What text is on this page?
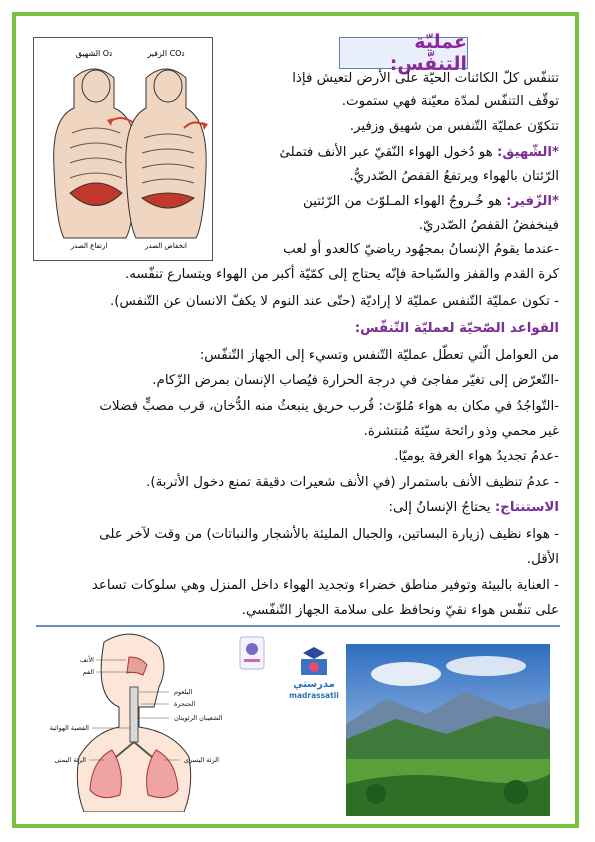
الشهيق O₂	الزفير CO₂
ارتفاع الصدر	انخفاض الصدر
عمليّة التنفّس:
تتنفّس كلّ الكائنات الحيّة على الأرض لتعيش فإذا
توقّف التنفّس لمدّة معيّنة فهي ستموت.
تتكوّن عمليّة التّنفس من شهيق وزفير.
*الشّهيق: هو دُخول الهواء النّقيّ عبر الأنف فتملئ
الرّئتان بالهواء ويرتفعُ القفصُ الصّدريُّ.
*الزّفير: هو خُـروجُ الهواء المـلوّث من الرّئتين
فينخفضُ القفصُ الصّدريّ.
-عندما يقومُ الإنسانُ بمجهُود رياضيّ كالعدو أو لعب
كرة القدم والقفز والسّباحة فإنّه يحتاج إلى كمّيّة أكبر من الهواء ويتسارع تنفّسه.
- تكون عمليّة التّنفس عمليّة لا إراديّة (حتّى عند النوم لا يكفّ الانسان عن التّنفس).
القواعد الصّحيّة لعمليّة التّنفّس:
من العوامل الّتي تعطّل عمليّة التّنفس وتسيء إلى الجهاز التّنفّس:
-التّعرّض إلى تغيّر مفاجئ في درجة الحرارة فيُصاب الإنسان بمرض الزّكام.
-التّواجُدُ في مكان به هواء مُلوّث: قُرب حريق ينبعثُ منه الدُّخان، قرب مصبٍّ فضلات
غير محمي وذو رائحة سيّئة مُنتشرة.
-عدمُ تجديدُ هواء الغرفة يوميّا.
- عدمُ تنظيف الأنف باستمرار (في الأنف شعيرات دقيقة تمنع دخول الأتربة).
الاستنتاج: يحتاجُ الإنسانُ إلى:
- هواء نظيف (زيارة البساتين، والجبال المليئة بالأشجار والنباتات) من وقت لآخر على
الأقل.
- العناية بالبيئة وتوفير مناطق خضراء وتجديد الهواء داخل المنزل وهي سلوكات تساعد
على تنفّس هواء نقيّ ونحافظ على سلامة الجهاز التّنفّسي.
الأنف
الفم
البلعوم
الحنجرة
القصبة الهوائية
الشعيبان الرئويتان
الرئة اليمنى	الرئة اليسرى
مدرستي
madrassatii
